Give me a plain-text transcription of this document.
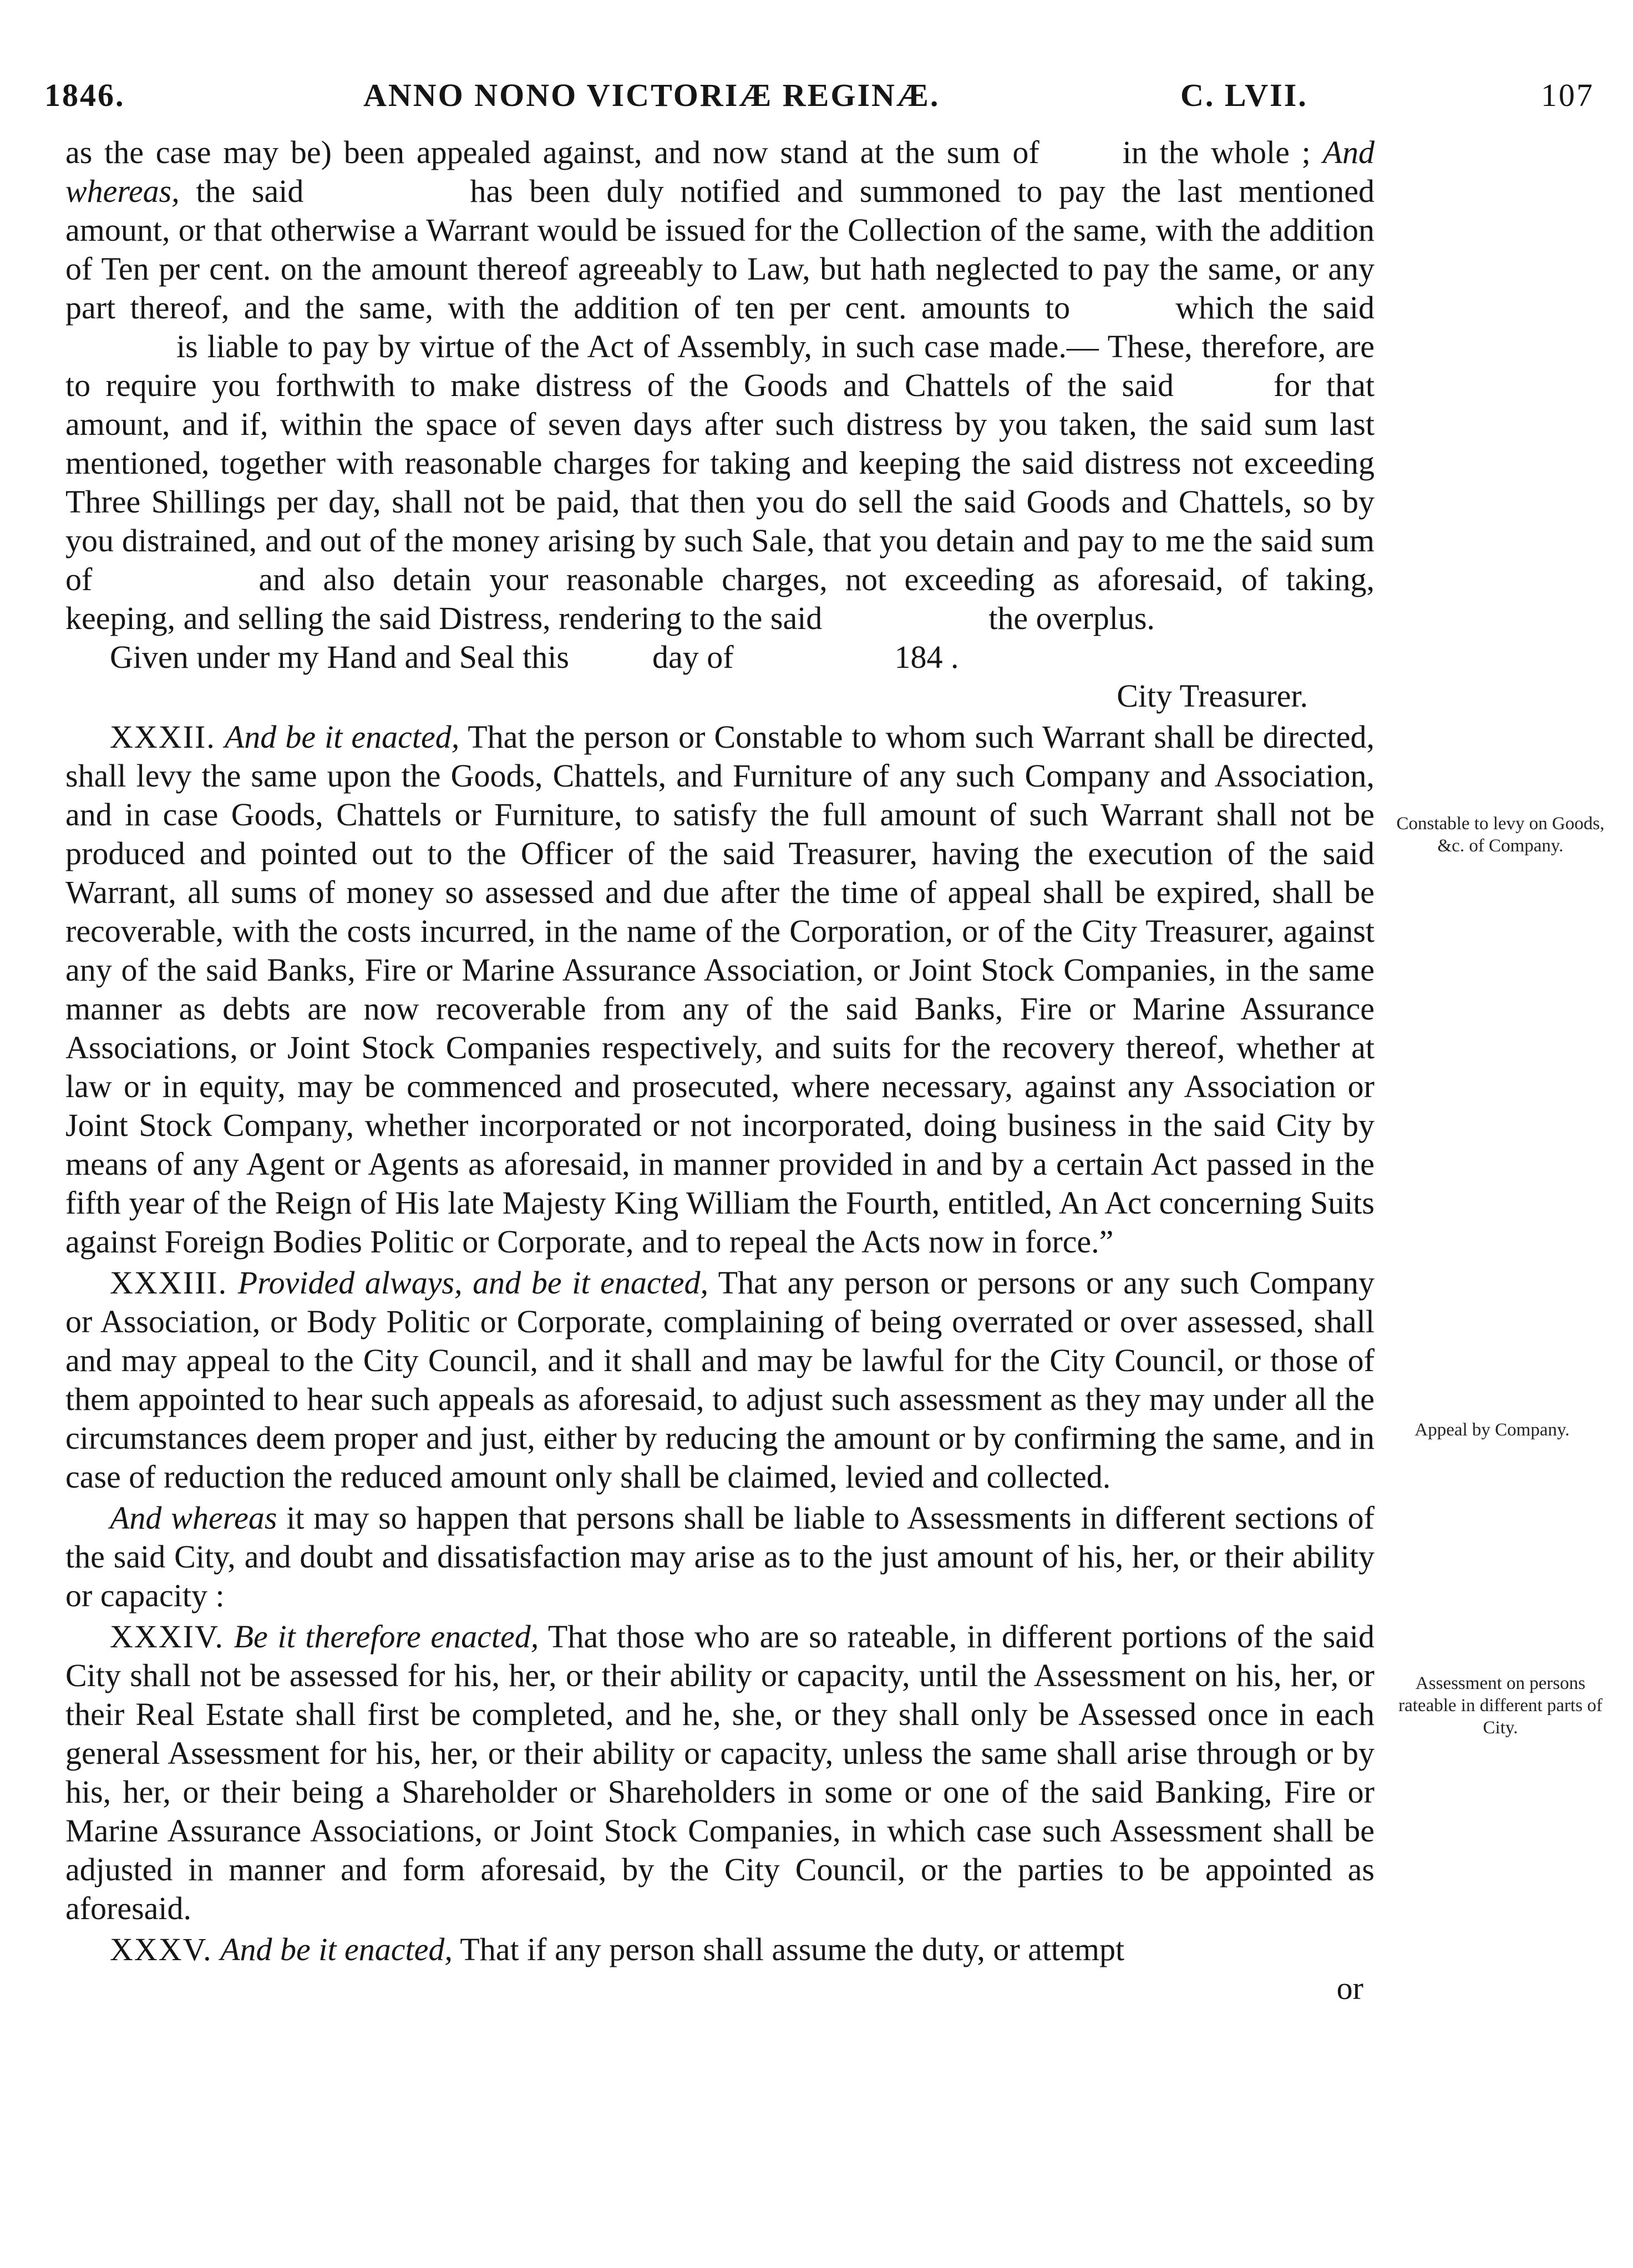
1846.	ANNO NONO VICTORIÆ REGINÆ.	C. LVII.	107

as the case may be) been appealed against, and now stand at the sum of	in the whole ; And whereas, the said	has been duly notified and summoned to pay the last mentioned amount, or that otherwise a Warrant would be issued for the Collection of the same, with the addition of Ten per cent. on the amount thereof agreeably to Law, but hath neglected to pay the same, or any part thereof, and the same, with the addition of ten per cent. amounts to	which the saidis liable to pay by virtue of the Act of Assembly, in such case made.— These, therefore, are to require you forthwith to make distress of the Goods and Chattels of the said	for that amount, and if, within the space of seven days after such distress by you taken, the said sum last mentioned, together with reasonable charges for taking and keeping the said distress not exceeding Three Shillings per day, shall not be paid, that then you do sell the said Goods and Chattels, so by you distrained, and out of the money arising by such Sale, that you detain and pay to me the said sum of	and also detain your reasonable charges, not exceeding as aforesaid, of taking, keeping, and selling the said Distress, rendering to the said	the overplus.

Given under my Hand and Seal this	day of	184 .

City Treasurer.

XXXII. And be it enacted, That the person or Constable to whom such Warrant shall be directed, shall levy the same upon the Goods, Chattels, and Furniture of any such Company and Association, and in case Goods, Chattels or Furniture, to satisfy the full amount of such Warrant shall not be produced and pointed out to the Officer of the said Treasurer, having the execution of the said Warrant, all sums of money so assessed and due after the time of appeal shall be expired, shall be recoverable, with the costs incurred, in the name of the Corporation, or of the City Treasurer, against any of the said Banks, Fire or Marine Assurance Association, or Joint Stock Companies, in the same manner as debts are now recoverable from any of the said Banks, Fire or Marine Assurance Associations, or Joint Stock Companies respectively, and suits for the recovery thereof, whether at law or in equity, may be commenced and prosecuted, where necessary, against any Association or Joint Stock Company, whether incorporated or not incorporated, doing business in the said City by means of any Agent or Agents as aforesaid, in manner provided in and by a certain Act passed in the fifth year of the Reign of His late Majesty King William the Fourth, entitled, An Act concerning Suits against Foreign Bodies Politic or Corporate, and to repeal the Acts now in force.”

XXXIII. Provided always, and be it enacted, That any person or persons or any such Company or Association, or Body Politic or Corporate, complaining of being overrated or over assessed, shall and may appeal to the City Council, and it shall and may be lawful for the City Council, or those of them appointed to hear such appeals as aforesaid, to adjust such assessment as they may under all the circumstances deem proper and just, either by reducing the amount or by confirming the same, and in case of reduction the reduced amount only shall be claimed, levied and collected.

And whereas it may so happen that persons shall be liable to Assessments in different sections of the said City, and doubt and dissatisfaction may arise as to the just amount of his, her, or their ability or capacity :

XXXIV. Be it therefore enacted, That those who are so rateable, in different portions of the said City shall not be assessed for his, her, or their ability or capacity, until the Assessment on his, her, or their Real Estate shall first be completed, and he, she, or they shall only be Assessed once in each general Assessment for his, her, or their ability or capacity, unless the same shall arise through or by his, her, or their being a Shareholder or Shareholders in some or one of the said Banking, Fire or Marine Assurance Associations, or Joint Stock Companies, in which case such Assessment shall be adjusted in manner and form aforesaid, by the City Council, or the parties to be appointed as aforesaid.

XXXV. And be it enacted, That if any person shall assume the duty, or attempt

or

Constable to levy on Goods, &c. of Company.
Appeal by Company.
Assessment on persons rateable in different parts of City.
